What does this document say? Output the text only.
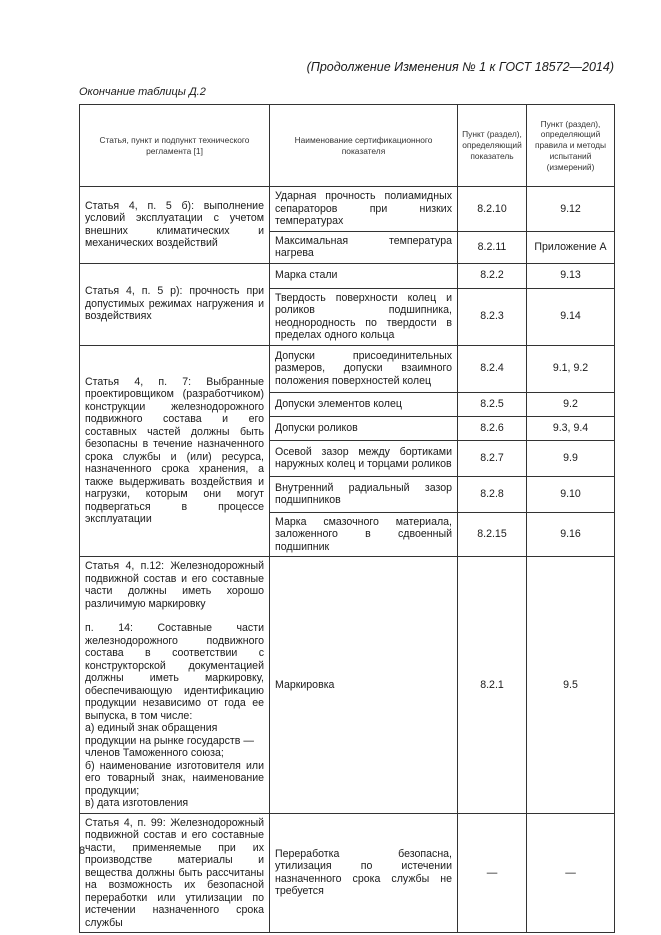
(Продолжение Изменения № 1 к ГОСТ 18572—2014)
Окончание таблицы Д.2
Статья, пункт и подпункт технического регламента [1]	Наименование сертификационного показателя	Пункт (раздел), определяющий показатель	Пункт (раздел), определяющий правила и методы испытаний (измерений)
Статья 4, п. 5 б): выполнение условий эксплуатации с учетом внешних климатических и механических воздействий	Ударная прочность полиамидных сепараторов при низких температурах	8.2.10	9.12
	Максимальная температура нагрева	8.2.11	Приложение А
Статья 4, п. 5 р): прочность при допустимых режимах нагружения и воздействиях	Марка стали	8.2.2	9.13
	Твердость поверхности колец и роликов подшипника, неоднородность по твердости в пределах одного кольца	8.2.3	9.14
Статья 4, п. 7: Выбранные проектировщиком (разработчиком) конструкции железнодорожного подвижного состава и его составных частей должны быть безопасны в течение назначенного срока службы и (или) ресурса, назначенного срока хранения, а также выдерживать воздействия и нагрузки, которым они могут подвергаться в процессе эксплуатации	Допуски присоединительных размеров, допуски взаимного положения поверхностей колец	8.2.4	9.1, 9.2
	Допуски элементов колец	8.2.5	9.2
	Допуски роликов	8.2.6	9.3, 9.4
	Осевой зазор между бортиками наружных колец и торцами роликов	8.2.7	9.9
	Внутренний радиальный зазор подшипников	8.2.8	9.10
	Марка смазочного материала, заложенного в сдвоенный подшипник	8.2.15	9.16

Статья 4, п.12: Железнодорожный подвижной состав и его составные части должны иметь хорошо различимую маркировку
п. 14: Составные части железнодорожного подвижного состава в соответствии с конструкторской документацией должны иметь маркировку, обеспечивающую идентификацию продукции независимо от года ее выпуска, в том числе:
а) единый знак обращения продукции на рынке государств — членов Таможенного союза;
б) наименование изготовителя или его товарный знак, наименование продукции;
в) дата изготовления	Маркировка	8.2.1	9.5
Статья 4, п. 99: Железнодорожный подвижной состав и его составные части, применяемые при их производстве материалы и вещества должны быть рассчитаны на возможность их безопасной переработки или утилизации по истечении назначенного срока службы	Переработка безопасна, утилизация по истечении назначенного срока службы не требуется	—	—
8
